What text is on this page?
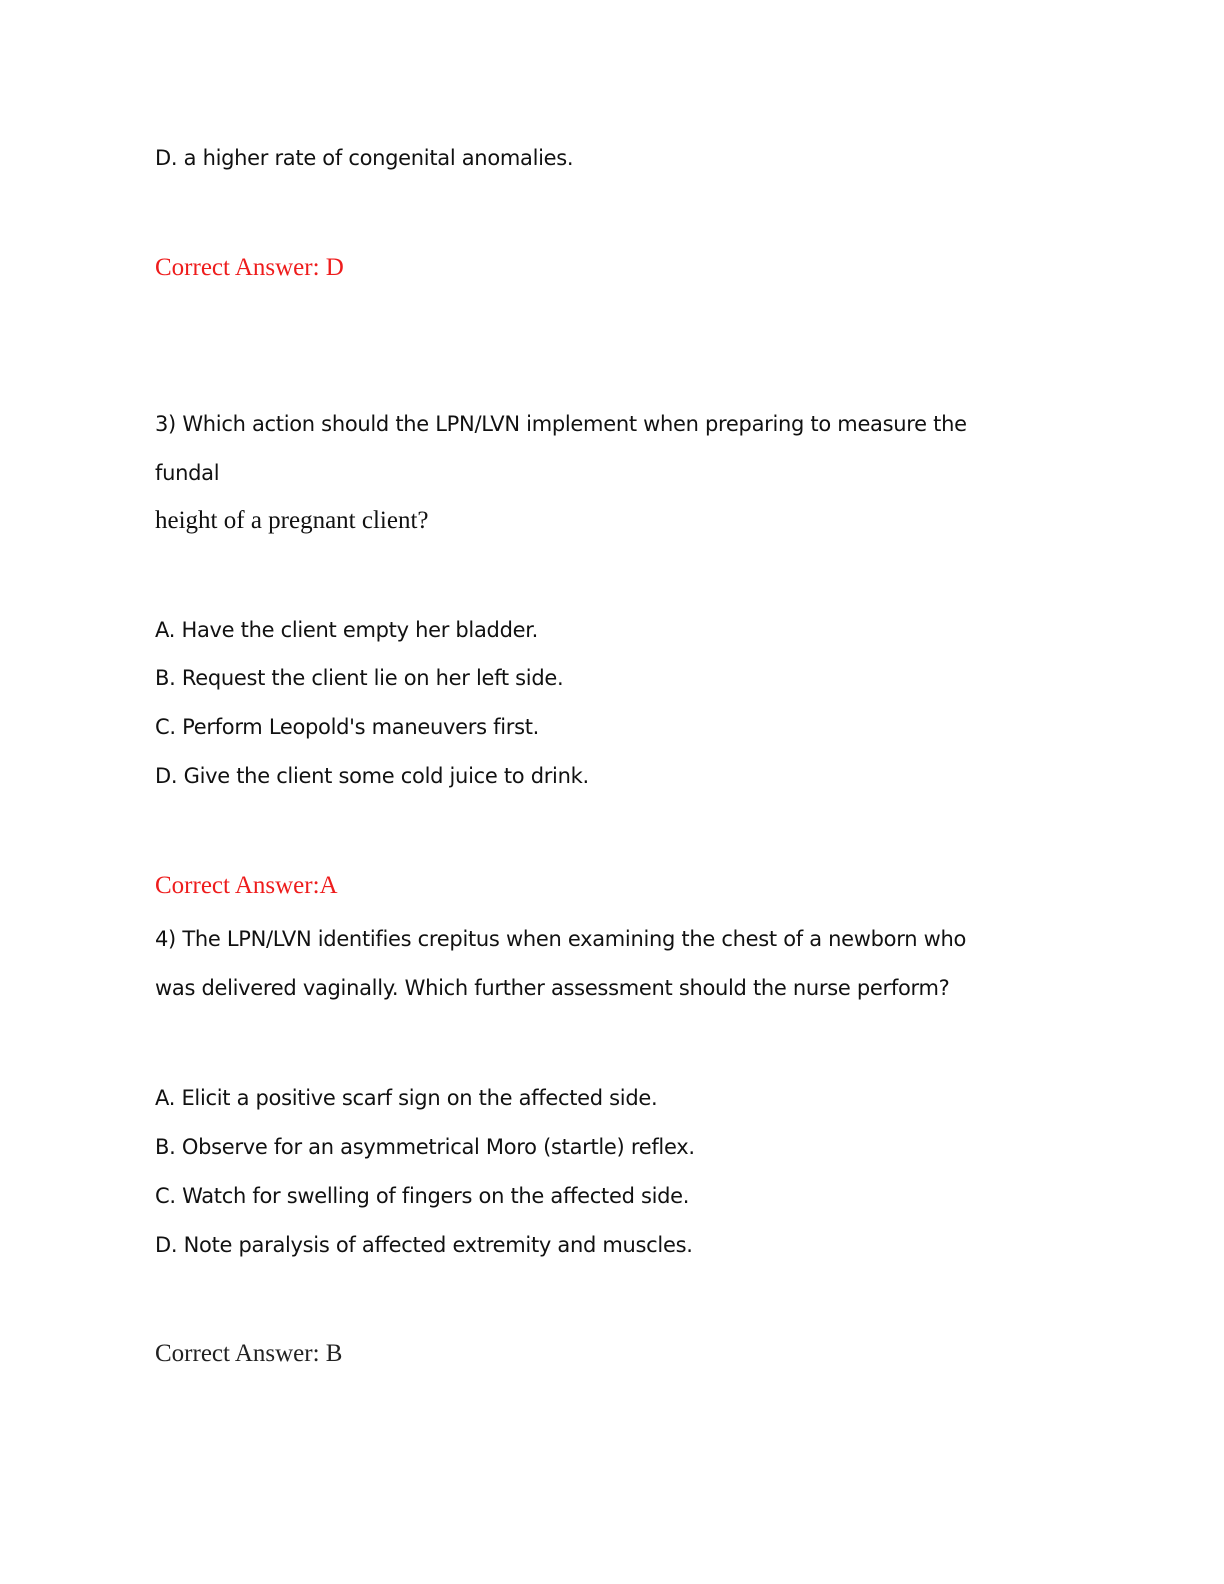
D. a higher rate of congenital anomalies.
Correct Answer: D
3) Which action should the LPN/LVN implement when preparing to measure the
fundal
height of a pregnant client?
A. Have the client empty her bladder.
B. Request the client lie on her left side.
C. Perform Leopold's maneuvers first.
D. Give the client some cold juice to drink.
Correct Answer:A
4) The LPN/LVN identifies crepitus when examining the chest of a newborn who
was delivered vaginally. Which further assessment should the nurse perform?
A. Elicit a positive scarf sign on the affected side.
B. Observe for an asymmetrical Moro (startle) reflex.
C. Watch for swelling of fingers on the affected side.
D. Note paralysis of affected extremity and muscles.
Correct Answer: B
